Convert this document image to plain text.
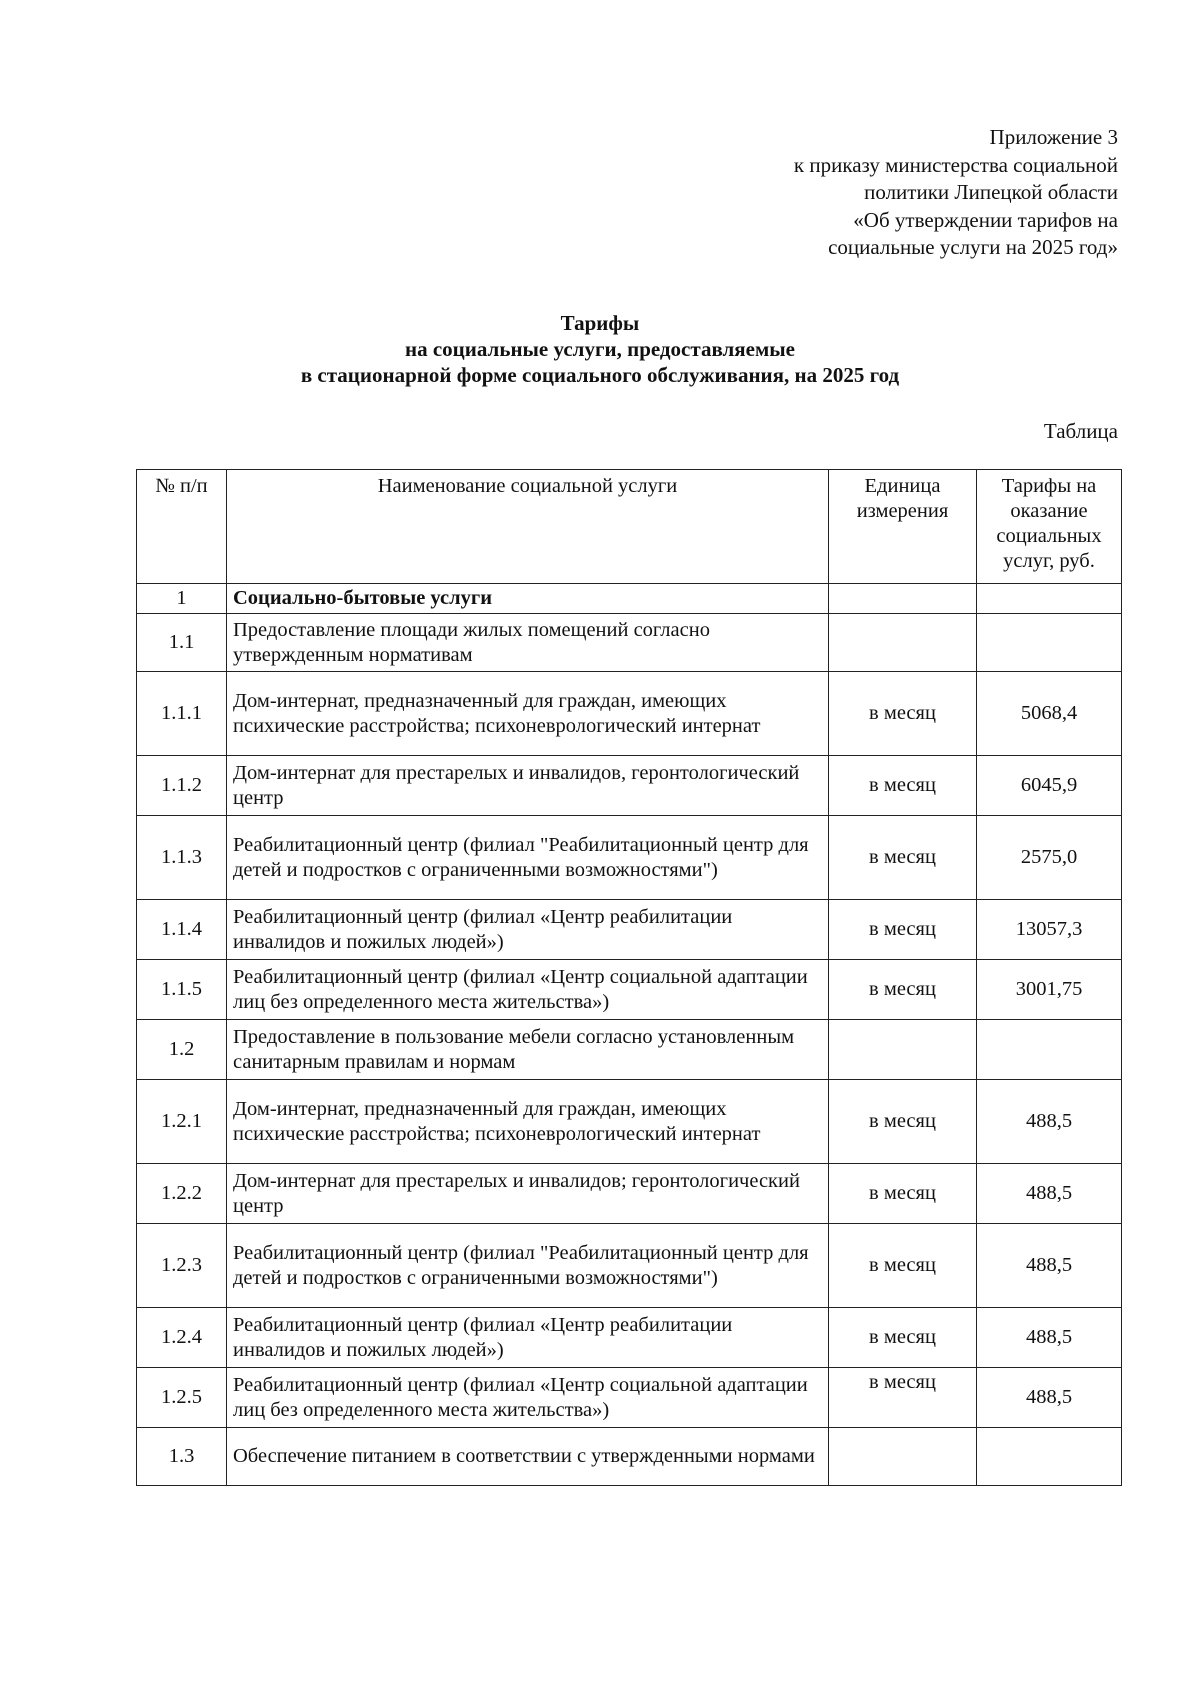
Приложение 3
к приказу министерства социальной
политики Липецкой области
«Об утверждении тарифов на
социальные услуги на 2025 год»
Тарифы
на социальные услуги, предоставляемые
в стационарной форме социального обслуживания, на 2025 год
Таблица
№ п/п	Наименование социальной услуги	Единица измерения	Тарифы на оказание социальных услуг, руб.
1	Социально-бытовые услуги		
1.1	Предоставление площади жилых помещений согласно утвержденным нормативам		
1.1.1	Дом-интернат, предназначенный для граждан, имеющих психические расстройства; психоневрологический интернат	в месяц	5068,4
1.1.2	Дом-интернат для престарелых и инвалидов, геронтологический центр	в месяц	6045,9
1.1.3	Реабилитационный центр (филиал "Реабилитационный центр для детей и подростков с ограниченными возможностями")	в месяц	2575,0
1.1.4	Реабилитационный центр (филиал «Центр реабилитации инвалидов и пожилых людей»)	в месяц	13057,3
1.1.5	Реабилитационный центр (филиал «Центр социальной адаптации лиц без определенного места жительства»)	в месяц	3001,75
1.2	Предоставление в пользование мебели согласно установленным санитарным правилам и нормам		
1.2.1	Дом-интернат, предназначенный для граждан, имеющих психические расстройства; психоневрологический интернат	в месяц	488,5
1.2.2	Дом-интернат для престарелых и инвалидов; геронтологический центр	в месяц	488,5
1.2.3	Реабилитационный центр (филиал "Реабилитационный центр для детей и подростков с ограниченными возможностями")	в месяц	488,5
1.2.4	Реабилитационный центр (филиал «Центр реабилитации инвалидов и пожилых людей»)	в месяц	488,5
1.2.5	Реабилитационный центр (филиал «Центр социальной адаптации лиц без определенного места жительства»)	в месяц	488,5
1.3	Обеспечение питанием в соответствии с утвержденными нормами		
